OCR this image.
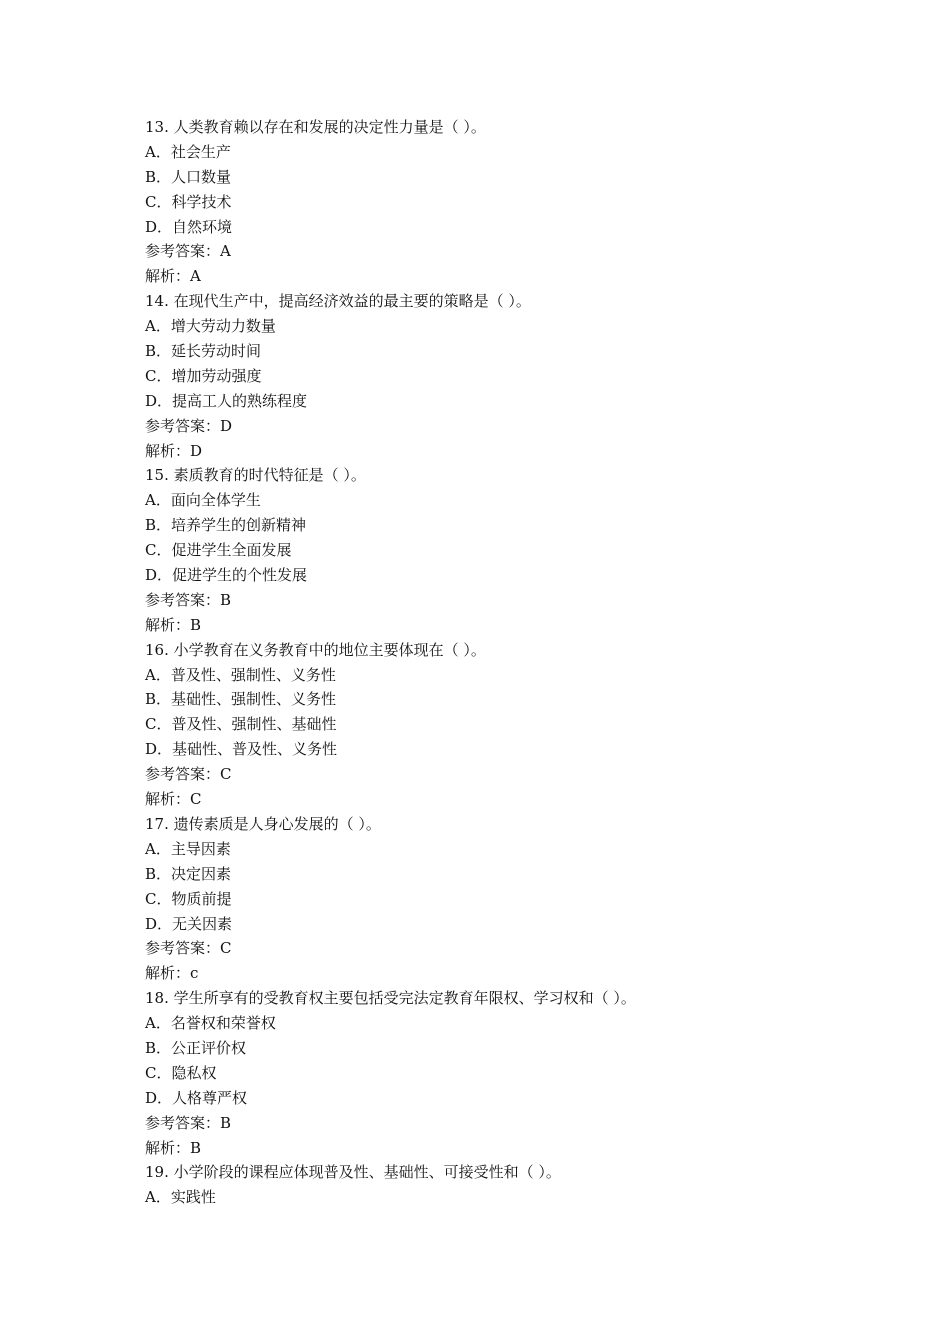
13. 人类教育赖以存在和发展的决定性力量是（ ）。
A．社会生产
B．人口数量
C．科学技术
D．自然环境
参考答案：A
解析：A
14. 在现代生产中，提高经济效益的最主要的策略是（ ）。
A．增大劳动力数量
B．延长劳动时间
C．增加劳动强度
D．提高工人的熟练程度
参考答案：D
解析：D
15. 素质教育的时代特征是（ ）。
A．面向全体学生
B．培养学生的创新精神
C．促进学生全面发展
D．促进学生的个性发展
参考答案：B
解析：B
16. 小学教育在义务教育中的地位主要体现在（ ）。
A．普及性、强制性、义务性
B．基础性、强制性、义务性
C．普及性、强制性、基础性
D．基础性、普及性、义务性
参考答案：C
解析：C
17. 遗传素质是人身心发展的（ ）。
A．主导因素
B．决定因素
C．物质前提
D．无关因素
参考答案：C
解析：c
18. 学生所享有的受教育权主要包括受完法定教育年限权、学习权和（ ）。
A．名誉权和荣誉权
B．公正评价权
C．隐私权
D．人格尊严权
参考答案：B
解析：B
19. 小学阶段的课程应体现普及性、基础性、可接受性和（ ）。
A．实践性
